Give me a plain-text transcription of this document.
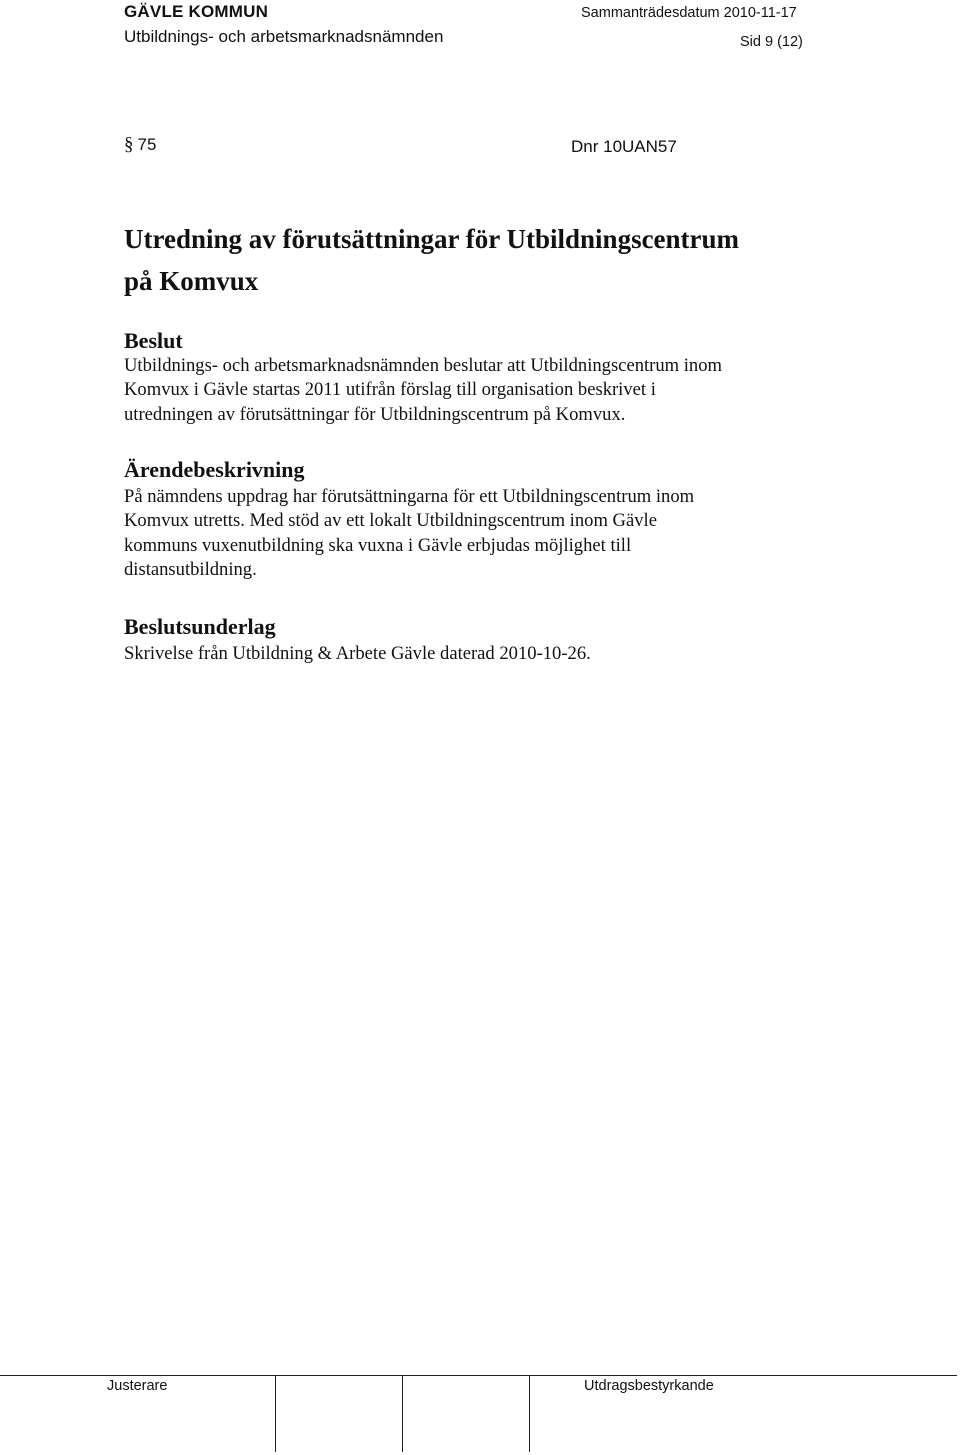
GÄVLE KOMMUN
Utbildnings- och arbetsmarknadsnämnden
Sammanträdesdatum 2010-11-17
Sid 9 (12)
§ 75	Dnr 10UAN57
Utredning av förutsättningar för Utbildningscentrum
på Komvux
Beslut
Utbildnings- och arbetsmarknadsnämnden beslutar att Utbildningscentrum inom
Komvux i Gävle startas 2011 utifrån förslag till organisation beskrivet i
utredningen av förutsättningar för Utbildningscentrum på Komvux.
Ärendebeskrivning
På nämndens uppdrag har förutsättningarna för ett Utbildningscentrum inom
Komvux utretts. Med stöd av ett lokalt Utbildningscentrum inom Gävle
kommuns vuxenutbildning ska vuxna i Gävle erbjudas möjlighet till
distansutbildning.
Beslutsunderlag
Skrivelse från Utbildning & Arbete Gävle daterad 2010-10-26.
Justerare	Utdragsbestyrkande
